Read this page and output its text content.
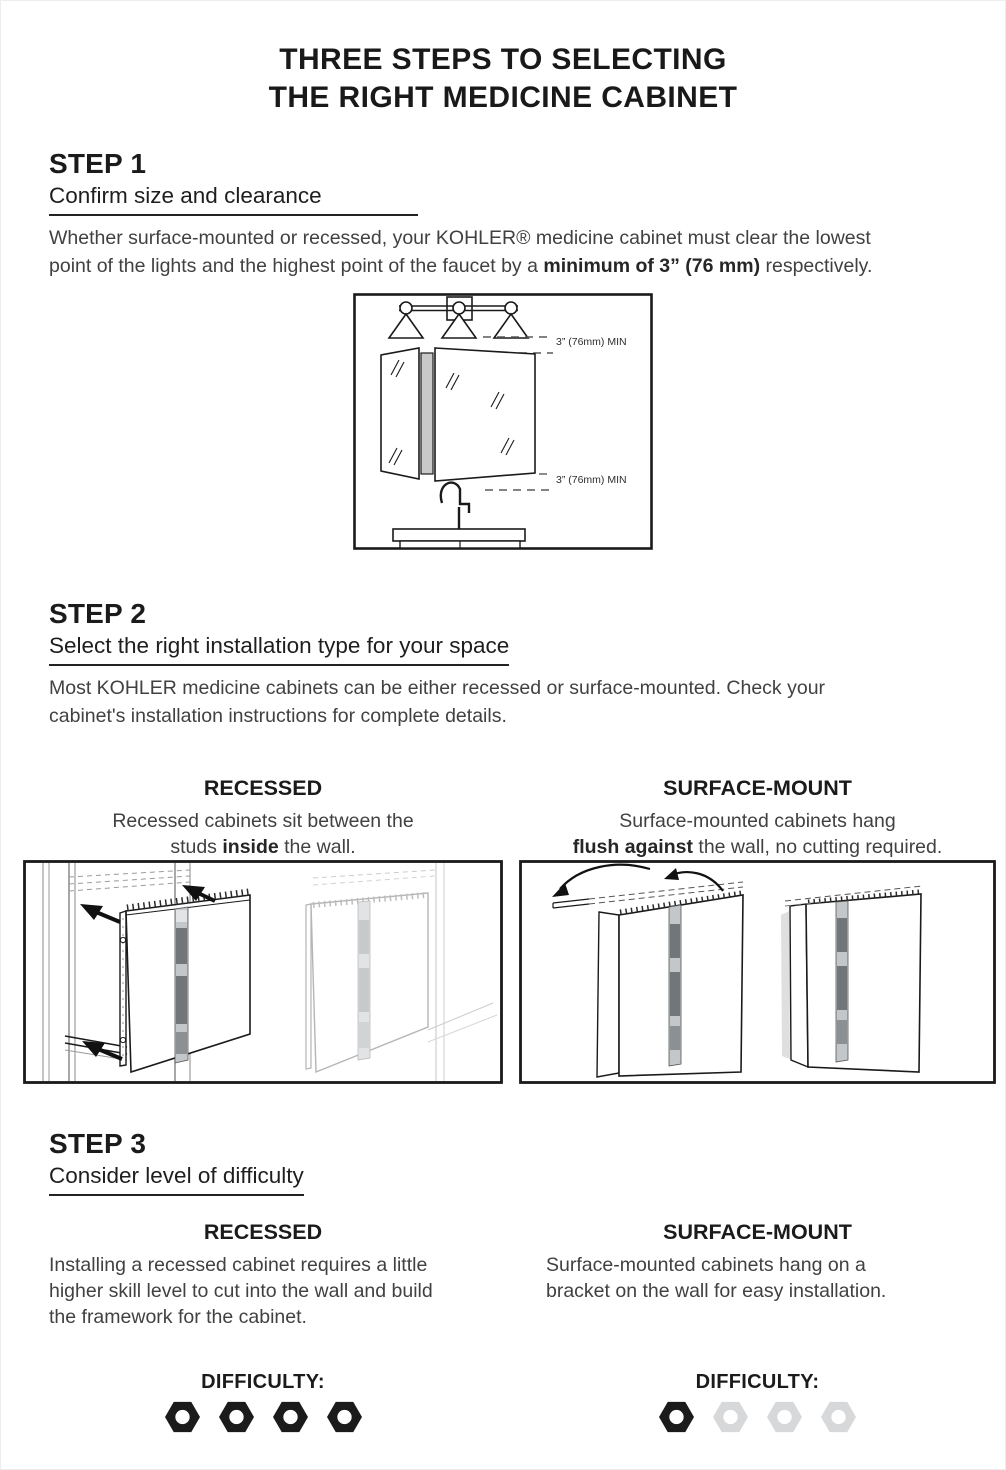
THREE STEPS TO SELECTING
THE RIGHT MEDICINE CABINET
STEP 1
Confirm size and clearance

Whether surface-mounted or recessed, your KOHLER® medicine cabinet must clear the lowest
point of the lights and the highest point of the faucet by a minimum of 3” (76 mm) respectively.

3” (76mm) MIN
3” (76mm) MIN
STEP 2
Select the right installation type for your space

Most KOHLER medicine cabinets can be either recessed or surface-mounted. Check your
cabinet's installation instructions for complete details.

RECESSED

Recessed cabinets sit between the
studs inside the wall.

SURFACE-MOUNT

Surface-mounted cabinets hang
flush against the wall, no cutting required.

STEP 3
Consider level of difficulty
RECESSED

Installing a recessed cabinet requires a little
higher skill level to cut into the wall and build
the framework for the cabinet.

SURFACE-MOUNT

Surface-mounted cabinets hang on a
bracket on the wall for easy installation.

DIFFICULTY:	DIFFICULTY:
